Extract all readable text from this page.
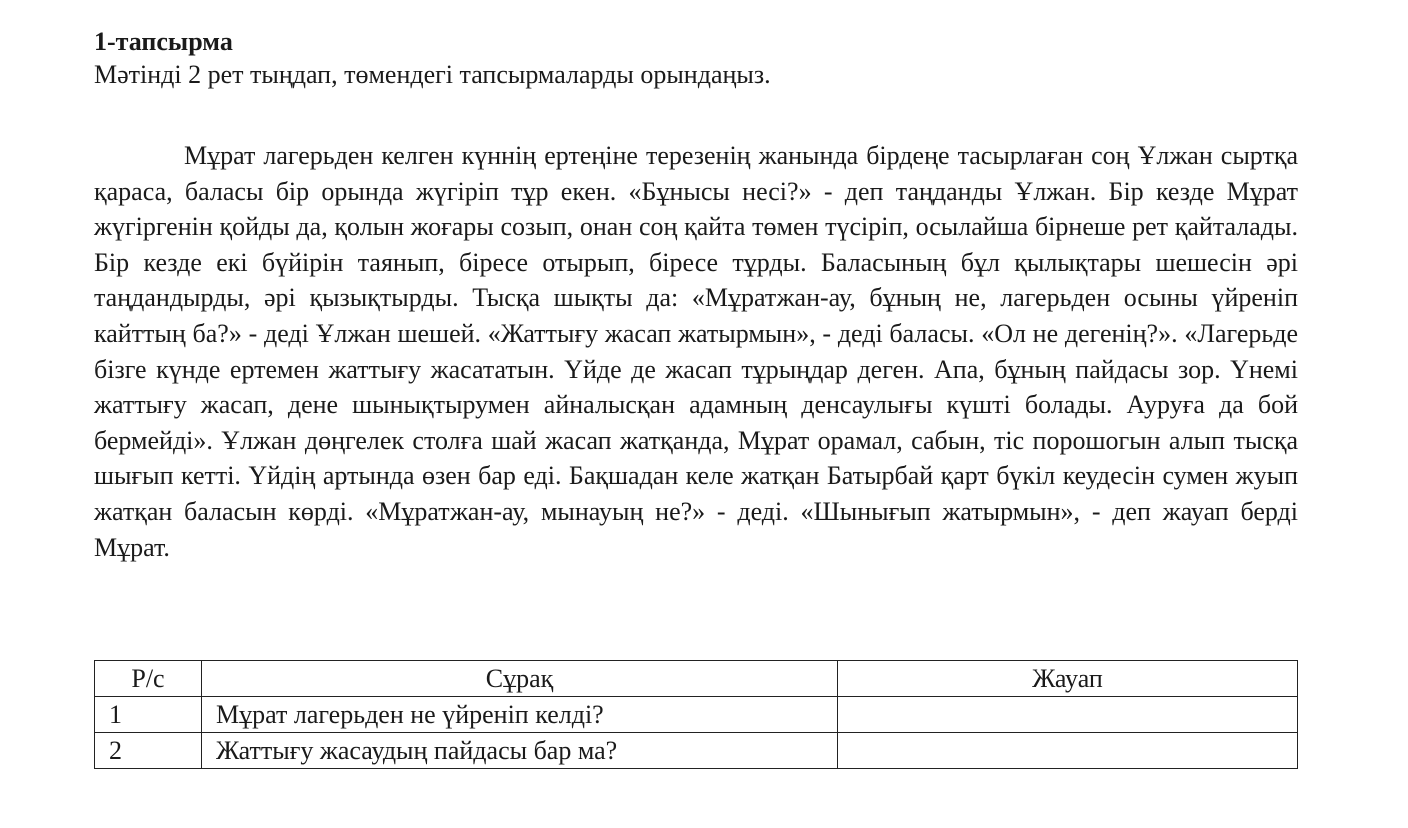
1-тапсырма

Мәтінді 2 рет тыңдап, төмендегі тапсырмаларды орындаңыз.

Мұрат лагерьден келген күннің ертеңіне терезенің жанында бірдеңе тасырлаған соң Ұлжан сыртқа қараса, баласы бір орында жүгіріп тұр екен. «Бұнысы несі?» - деп таңданды Ұлжан. Бір кезде Мұрат жүгіргенін қойды да, қолын жоғары созып, онан соң қайта төмен түсіріп, осылайша бірнеше рет қайталады. Бір кезде екі бүйірін таянып, біресе отырып, біресе тұрды. Баласының бұл қылықтары шешесін әрі таңдандырды, әрі қызықтырды. Тысқа шықты да: «Мұратжан-ау, бұның не, лагерьден осыны үйреніп кайттың ба?» - деді Ұлжан шешей. «Жаттығу жасап жатырмын», - деді баласы. «Ол не дегенің?». «Лагерьде бізге күнде ертемен жаттығу жасататын. Үйде де жасап тұрыңдар деген. Апа, бұның пайдасы зор. Үнемі жаттығу жасап, дене шынықтырумен айналысқан адамның денсаулығы күшті болады. Ауруға да бой бермейді». Ұлжан дөңгелек столға шай жасап жатқанда, Мұрат орамал, сабын, тіс порошогын алып тысқа шығып кетті. Үйдің артында өзен бар еді. Бақшадан келе жатқан Батырбай қарт бүкіл кеудесін сумен жуып жатқан баласын көрді. «Мұратжан-ау, мынауың не?» - деді. «Шынығып жатырмын», - деп жауап берді Мұрат.

Р/с	Сұрақ	Жауап
1	Мұрат лагерьден не үйреніп келді?	
2	Жаттығу жасаудың пайдасы бар ма?	
